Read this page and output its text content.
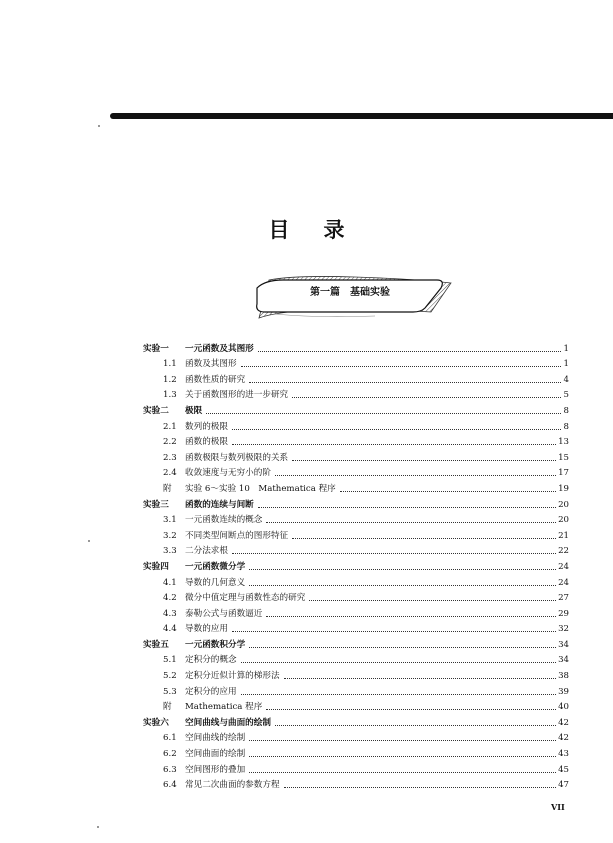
目录
第一篇　基础实验
实验一	一元函数及其图形	1
1.1 函数及其图形	1
1.2 函数性质的研究	4
1.3 关于函数图形的进一步研究	5
实验二	极限	8
2.1 数列的极限	8
2.2 函数的极限	13
2.3 函数极限与数列极限的关系	15
2.4 收敛速度与无穷小的阶	17
附	实验 6～实验 10　Mathematica 程序	19
实验三	函数的连续与间断	20
3.1 一元函数连续的概念	20
3.2 不同类型间断点的图形特征	21
3.3 二分法求根	22
实验四	一元函数微分学	24
4.1 导数的几何意义	24
4.2 微分中值定理与函数性态的研究	27
4.3 泰勒公式与函数逼近	29
4.4 导数的应用	32
实验五	一元函数积分学	34
5.1 定积分的概念	34
5.2 定积分近似计算的梯形法	38
5.3 定积分的应用	39
附	Mathematica 程序	40
实验六	空间曲线与曲面的绘制	42
6.1 空间曲线的绘制	42
6.2 空间曲面的绘制	43
6.3 空间图形的叠加	45
6.4 常见二次曲面的参数方程	47
VII
